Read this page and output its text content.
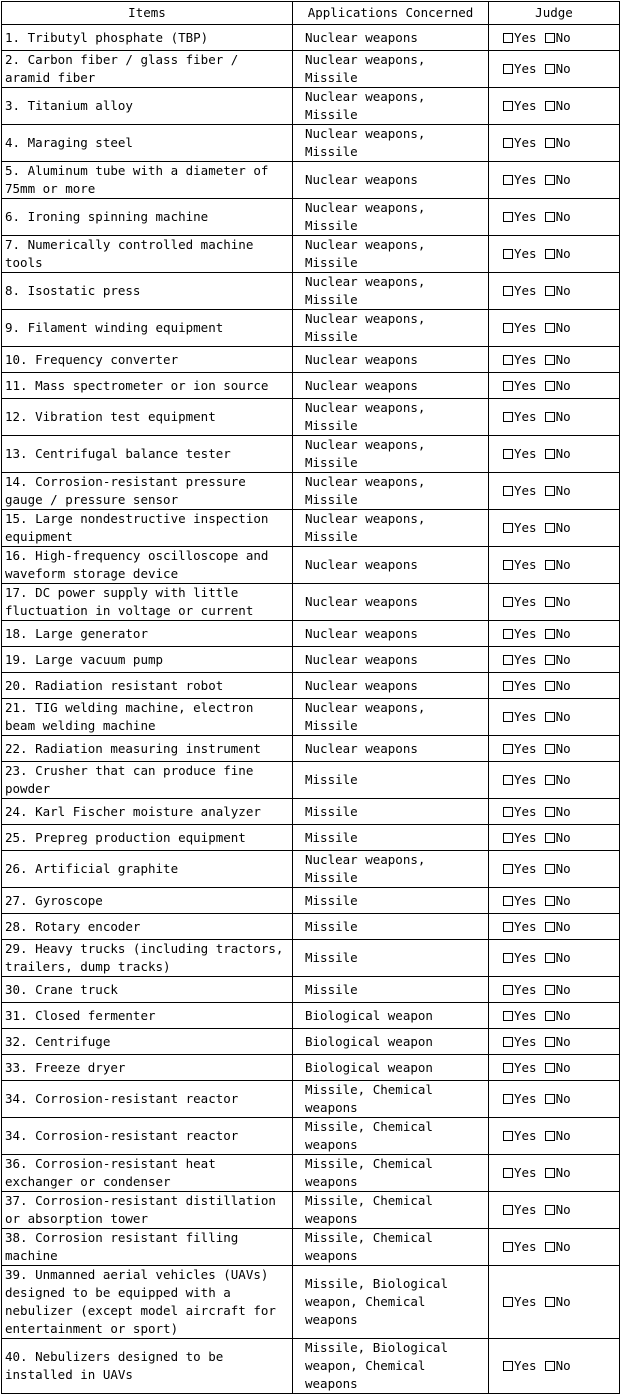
Items	Applications Concerned	Judge
1. Tributyl phosphate (TBP)	Nuclear weapons	Yes No
2. Carbon fiber / glass fiber / aramid fiber	Nuclear weapons, Missile	Yes No
3. Titanium alloy	Nuclear weapons, Missile	Yes No
4. Maraging steel	Nuclear weapons, Missile	Yes No
5. Aluminum tube with a diameter of 75mm or more	Nuclear weapons	Yes No
6. Ironing spinning machine	Nuclear weapons, Missile	Yes No
7. Numerically controlled machine tools	Nuclear weapons, Missile	Yes No
8. Isostatic press	Nuclear weapons, Missile	Yes No
9. Filament winding equipment	Nuclear weapons, Missile	Yes No
10. Frequency converter	Nuclear weapons	Yes No
11. Mass spectrometer or ion source	Nuclear weapons	Yes No
12. Vibration test equipment	Nuclear weapons, Missile	Yes No
13. Centrifugal balance tester	Nuclear weapons, Missile	Yes No
14. Corrosion-resistant pressure gauge / pressure sensor	Nuclear weapons, Missile	Yes No
15. Large nondestructive inspection equipment	Nuclear weapons, Missile	Yes No
16. High-frequency oscilloscope and waveform storage device	Nuclear weapons	Yes No
17. DC power supply with little fluctuation in voltage or current	Nuclear weapons	Yes No
18. Large generator	Nuclear weapons	Yes No
19. Large vacuum pump	Nuclear weapons	Yes No
20. Radiation resistant robot	Nuclear weapons	Yes No
21. TIG welding machine, electron beam welding machine	Nuclear weapons, Missile	Yes No
22. Radiation measuring instrument	Nuclear weapons	Yes No
23. Crusher that can produce fine powder	Missile	Yes No
24. Karl Fischer moisture analyzer	Missile	Yes No
25. Prepreg production equipment	Missile	Yes No
26. Artificial graphite	Nuclear weapons, Missile	Yes No
27. Gyroscope	Missile	Yes No
28. Rotary encoder	Missile	Yes No
29. Heavy trucks (including tractors, trailers, dump tracks)	Missile	Yes No
30. Crane truck	Missile	Yes No
31. Closed fermenter	Biological weapon	Yes No
32. Centrifuge	Biological weapon	Yes No
33. Freeze dryer	Biological weapon	Yes No
34. Corrosion-resistant reactor	Missile, Chemical weapons	Yes No
34. Corrosion-resistant reactor	Missile, Chemical weapons	Yes No
36. Corrosion-resistant heat exchanger or condenser	Missile, Chemical weapons	Yes No
37. Corrosion-resistant distillation or absorption tower	Missile, Chemical weapons	Yes No
38. Corrosion resistant filling machine	Missile, Chemical weapons	Yes No
39. Unmanned aerial vehicles (UAVs) designed to be equipped with a nebulizer (except model aircraft for entertainment or sport)	Missile, Biological weapon, Chemical weapons	Yes No
40. Nebulizers designed to be installed in UAVs	Missile, Biological weapon, Chemical weapons	Yes No
